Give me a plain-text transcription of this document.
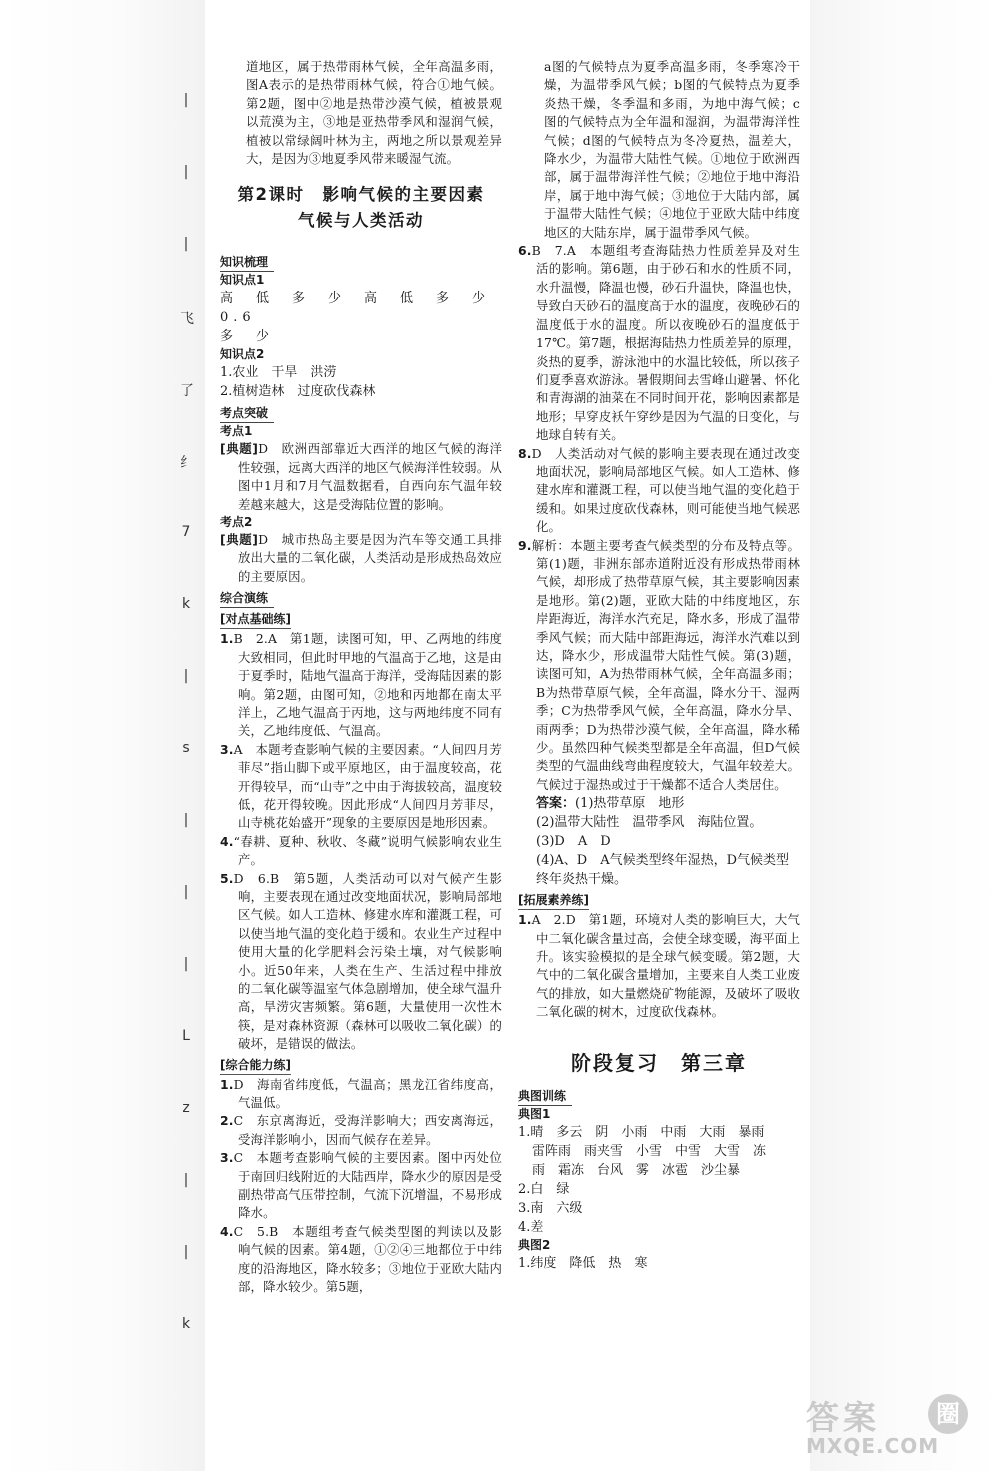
|
|
|
飞
了
纟
7
k
|
s
|
|
|
L
z
|
|
k

道地区，属于热带雨林气候，全年高温多雨，图A表示的是热带雨林气候，符合①地气候。第2题，图中②地是热带沙漠气候，植被景观以荒漠为主，③地是亚热带季风和湿润气候，植被以常绿阔叶林为主，两地之所以景观差异大，是因为③地夏季风带来暖湿气流。

第2课时　影响气候的主要因素　气候与人类活动
知识梳理

知识点1

高　低　多　少　高　低　多　少　0.6

多　少

知识点2

1.农业　干旱　洪涝

2.植树造林　过度砍伐森林

考点突破

考点1

[典题]D　欧洲西部靠近大西洋的地区气候的海洋性较强，远离大西洋的地区气候海洋性较弱。从图中1月和7月气温数据看，自西向东气温年较差越来越大，这是受海陆位置的影响。

考点2

[典题]D　城市热岛主要是因为汽车等交通工具排放出大量的二氧化碳，人类活动是形成热岛效应的主要原因。

综合演练
[对点基础练]

1.B　2.A　第1题，读图可知，甲、乙两地的纬度大致相同，但此时甲地的气温高于乙地，这是由于夏季时，陆地气温高于海洋，受海陆因素的影响。第2题，由图可知，②地和丙地都在南太平洋上，乙地气温高于丙地，这与两地纬度不同有关，乙地纬度低、气温高。

3.A　本题考查影响气候的主要因素。“人间四月芳菲尽”指山脚下或平原地区，由于温度较高，花开得较早，而“山寺”之中由于海拔较高，温度较低，花开得较晚。因此形成“人间四月芳菲尽，山寺桃花始盛开”现象的主要原因是地形因素。

4.“春耕、夏种、秋收、冬藏”说明气候影响农业生产。

5.D　6.B　第5题，人类活动可以对气候产生影响，主要表现在通过改变地面状况，影响局部地区气候。如人工造林、修建水库和灌溉工程，可以使当地气温的变化趋于缓和。农业生产过程中使用大量的化学肥料会污染土壤，对气候影响小。近50年来，人类在生产、生活过程中排放的二氧化碳等温室气体急剧增加，使全球气温升高，旱涝灾害频繁。第6题，大量使用一次性木筷，是对森林资源（森林可以吸收二氧化碳）的破坏，是错误的做法。

[综合能力练]

1.D　海南省纬度低，气温高；黑龙江省纬度高，气温低。

2.C　东京离海近，受海洋影响大；西安离海远，受海洋影响小，因而气候存在差异。

3.C　本题考查影响气候的主要因素。图中丙处位于南回归线附近的大陆西岸，降水少的原因是受副热带高气压带控制，气流下沉增温，不易形成降水。

4.C　5.B　本题组考查气候类型图的判读以及影响气候的因素。第4题，①②④三地都位于中纬度的沿海地区，降水较多；③地位于亚欧大陆内部，降水较少。第5题，

a图的气候特点为夏季高温多雨，冬季寒冷干燥，为温带季风气候；b图的气候特点为夏季炎热干燥，冬季温和多雨，为地中海气候；c图的气候特点为全年温和湿润，为温带海洋性气候；d图的气候特点为冬冷夏热，温差大，降水少，为温带大陆性气候。①地位于欧洲西部，属于温带海洋性气候；②地位于地中海沿岸，属于地中海气候；③地位于大陆内部，属于温带大陆性气候；④地位于亚欧大陆中纬度地区的大陆东岸，属于温带季风气候。

6.B　7.A　本题组考查海陆热力性质差异及对生活的影响。第6题，由于砂石和水的性质不同，水升温慢，降温也慢，砂石升温快，降温也快，导致白天砂石的温度高于水的温度，夜晚砂石的温度低于水的温度。所以夜晚砂石的温度低于17℃。第7题，根据海陆热力性质差异的原理，炎热的夏季，游泳池中的水温比较低，所以孩子们夏季喜欢游泳。暑假期间去雪峰山避暑、怀化和青海湖的油菜在不同时间开花，影响因素都是地形；早穿皮袄午穿纱是因为气温的日变化，与地球自转有关。

8.D　人类活动对气候的影响主要表现在通过改变地面状况，影响局部地区气候。如人工造林、修建水库和灌溉工程，可以使当地气温的变化趋于缓和。如果过度砍伐森林，则可能使当地气候恶化。

9.解析：本题主要考查气候类型的分布及特点等。第(1)题，非洲东部赤道附近没有形成热带雨林气候，却形成了热带草原气候，其主要影响因素是地形。第(2)题，亚欧大陆的中纬度地区，东岸距海近，海洋水汽充足，降水多，形成了温带季风气候；而大陆中部距海远，海洋水汽难以到达，降水少，形成温带大陆性气候。第(3)题，读图可知，A为热带雨林气候，全年高温多雨；B为热带草原气候，全年高温，降水分干、湿两季；C为热带季风气候，全年高温，降水分旱、雨两季；D为热带沙漠气候，全年高温，降水稀少。虽然四种气候类型都是全年高温，但D气候类型的气温曲线弯曲程度较大，气温年较差大。气候过于湿热或过于干燥都不适合人类居住。

答案：(1)热带草原　地形

(2)温带大陆性　温带季风　海陆位置。

(3)D　A　D

(4)A、D　A气候类型终年湿热，D气候类型终年炎热干燥。

[拓展素养练]

1.A　2.D　第1题，环境对人类的影响巨大，大气中二氧化碳含量过高，会使全球变暖，海平面上升。该实验模拟的是全球气候变暖。第2题，大气中的二氧化碳含量增加，主要来自人类工业废气的排放，如大量燃烧矿物能源，及破坏了吸收二氧化碳的树木，过度砍伐森林。

阶段复习　第三章
典图训练

典图1

1.晴　多云　阴　小雨　中雨　大雨　暴雨

雷阵雨　雨夹雪　小雪　中雪　大雪　冻

雨　霜冻　台风　雾　冰雹　沙尘暴

2.白　绿

3.南　六级

4.差

典图2

1.纬度　降低　热　寒

答案	圈
MXQE.COM
